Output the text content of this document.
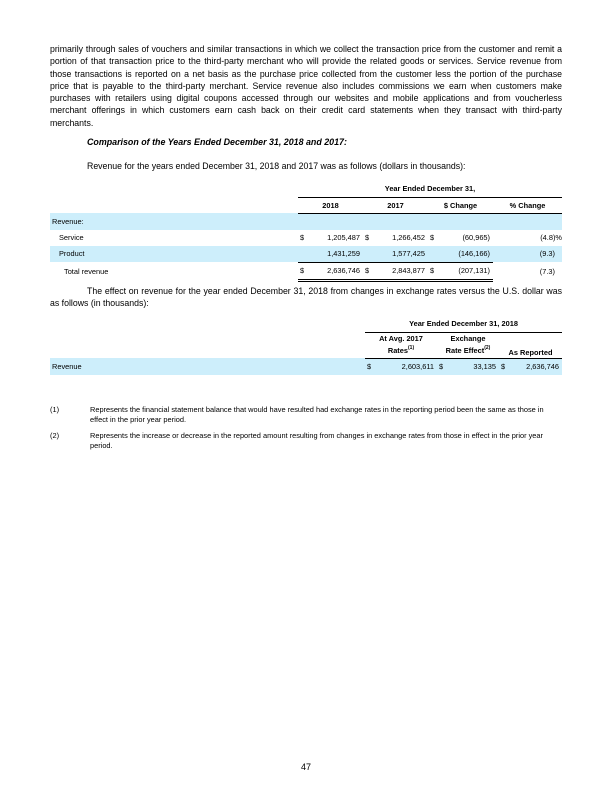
primarily through sales of vouchers and similar transactions in which we collect the transaction price from the customer and remit a portion of that transaction price to the third-party merchant who will provide the related goods or services. Service revenue from those transactions is reported on a net basis as the purchase price collected from the customer less the portion of the purchase price that is payable to the third-party merchant. Service revenue also includes commissions we earn when customers make purchases with retailers using digital coupons accessed through our websites and mobile applications and from voucherless merchant offerings in which customers earn cash back on their credit card statements when they transact with third-party merchants.

Comparison of the Years Ended December 31, 2018 and 2017:

Revenue for the years ended December 31, 2018 and 2017 was as follows (dollars in thousands):

	Year Ended December 31,						
	2018		2017		$ Change		% Change
Revenue:							
Service	$	1,205,487	$	1,266,452	$	(60,965)	(4.8)%
Product		1,431,259		1,577,425		(146,166)	(9.3)
Total revenue	$	2,636,746	$	2,843,877	$	(207,131)	(7.3)

The effect on revenue for the year ended December 31, 2018 from changes in exchange rates versus the U.S. dollar was as follows (in thousands):

	Year Ended December 31, 2018					
	At Avg. 2017
Rates$^{(1)}$		Exchange
Rate Effect$^{(2)}$		As Reported	
Revenue	$	2,603,611	$	33,135	$	2,636,746
(1)	Represents the financial statement balance that would have resulted had exchange rates in the reporting period been the same as those in effect in the prior year period.
(2)	Represents the increase or decrease in the reported amount resulting from changes in exchange rates from those in effect in the prior year period.
47
